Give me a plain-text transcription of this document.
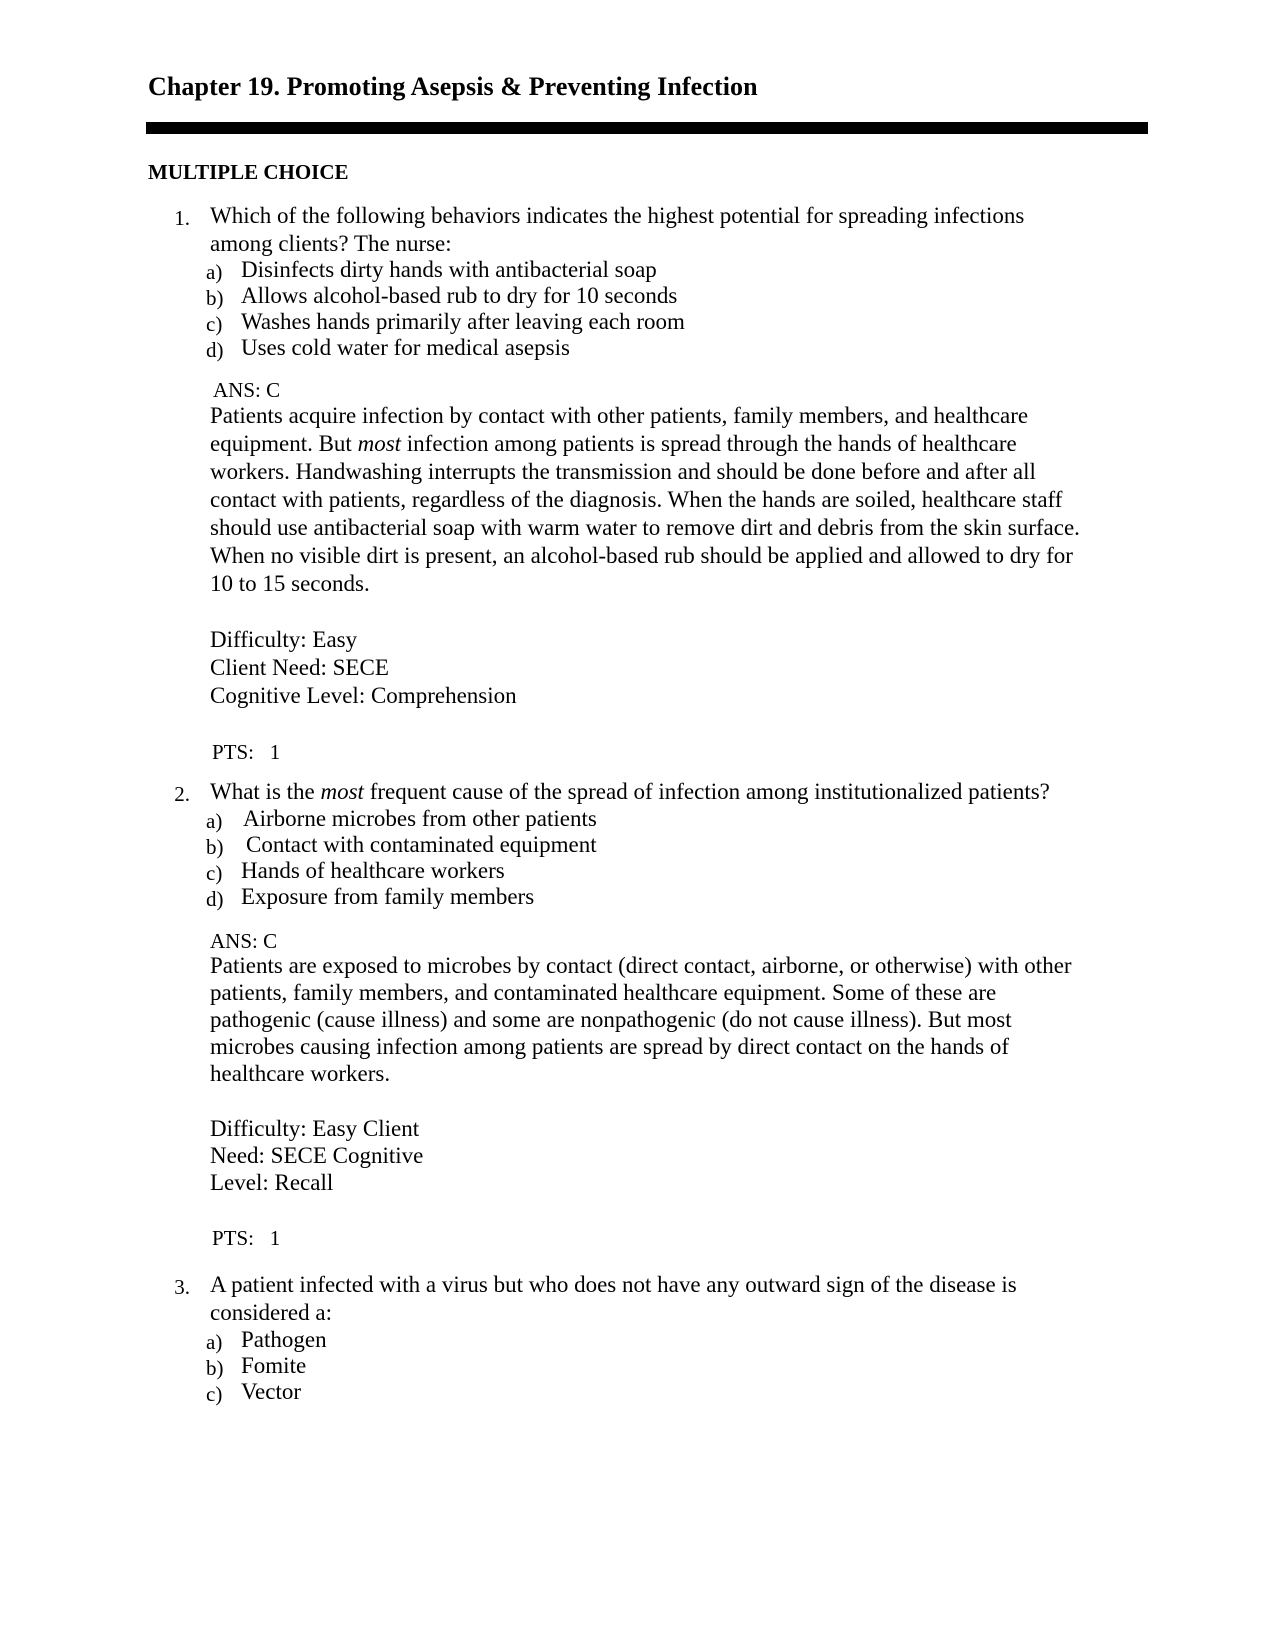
Chapter 19. Promoting Asepsis & Preventing Infection
MULTIPLE CHOICE
1. Which of the following behaviors indicates the highest potential for spreading infections
among clients? The nurse:
a) Disinfects dirty hands with antibacterial soap
b) Allows alcohol-based rub to dry for 10 seconds
c) Washes hands primarily after leaving each room
d) Uses cold water for medical asepsis
ANS: C
Patients acquire infection by contact with other patients, family members, and healthcare
equipment. But most infection among patients is spread through the hands of healthcare
workers. Handwashing interrupts the transmission and should be done before and after all
contact with patients, regardless of the diagnosis. When the hands are soiled, healthcare staff
should use antibacterial soap with warm water to remove dirt and debris from the skin surface.
When no visible dirt is present, an alcohol-based rub should be applied and allowed to dry for
10 to 15 seconds.
Difficulty: Easy
Client Need: SECE
Cognitive Level: Comprehension
PTS:   1
2. What is the most frequent cause of the spread of infection among institutionalized patients?
a) Airborne microbes from other patients
b) Contact with contaminated equipment
c) Hands of healthcare workers
d) Exposure from family members
ANS: C
Patients are exposed to microbes by contact (direct contact, airborne, or otherwise) with other
patients, family members, and contaminated healthcare equipment. Some of these are
pathogenic (cause illness) and some are nonpathogenic (do not cause illness). But most
microbes causing infection among patients are spread by direct contact on the hands of
healthcare workers.
Difficulty: Easy Client
Need: SECE Cognitive
Level: Recall
PTS:   1
3. A patient infected with a virus but who does not have any outward sign of the disease is
considered a:
a) Pathogen
b) Fomite
c) Vector
